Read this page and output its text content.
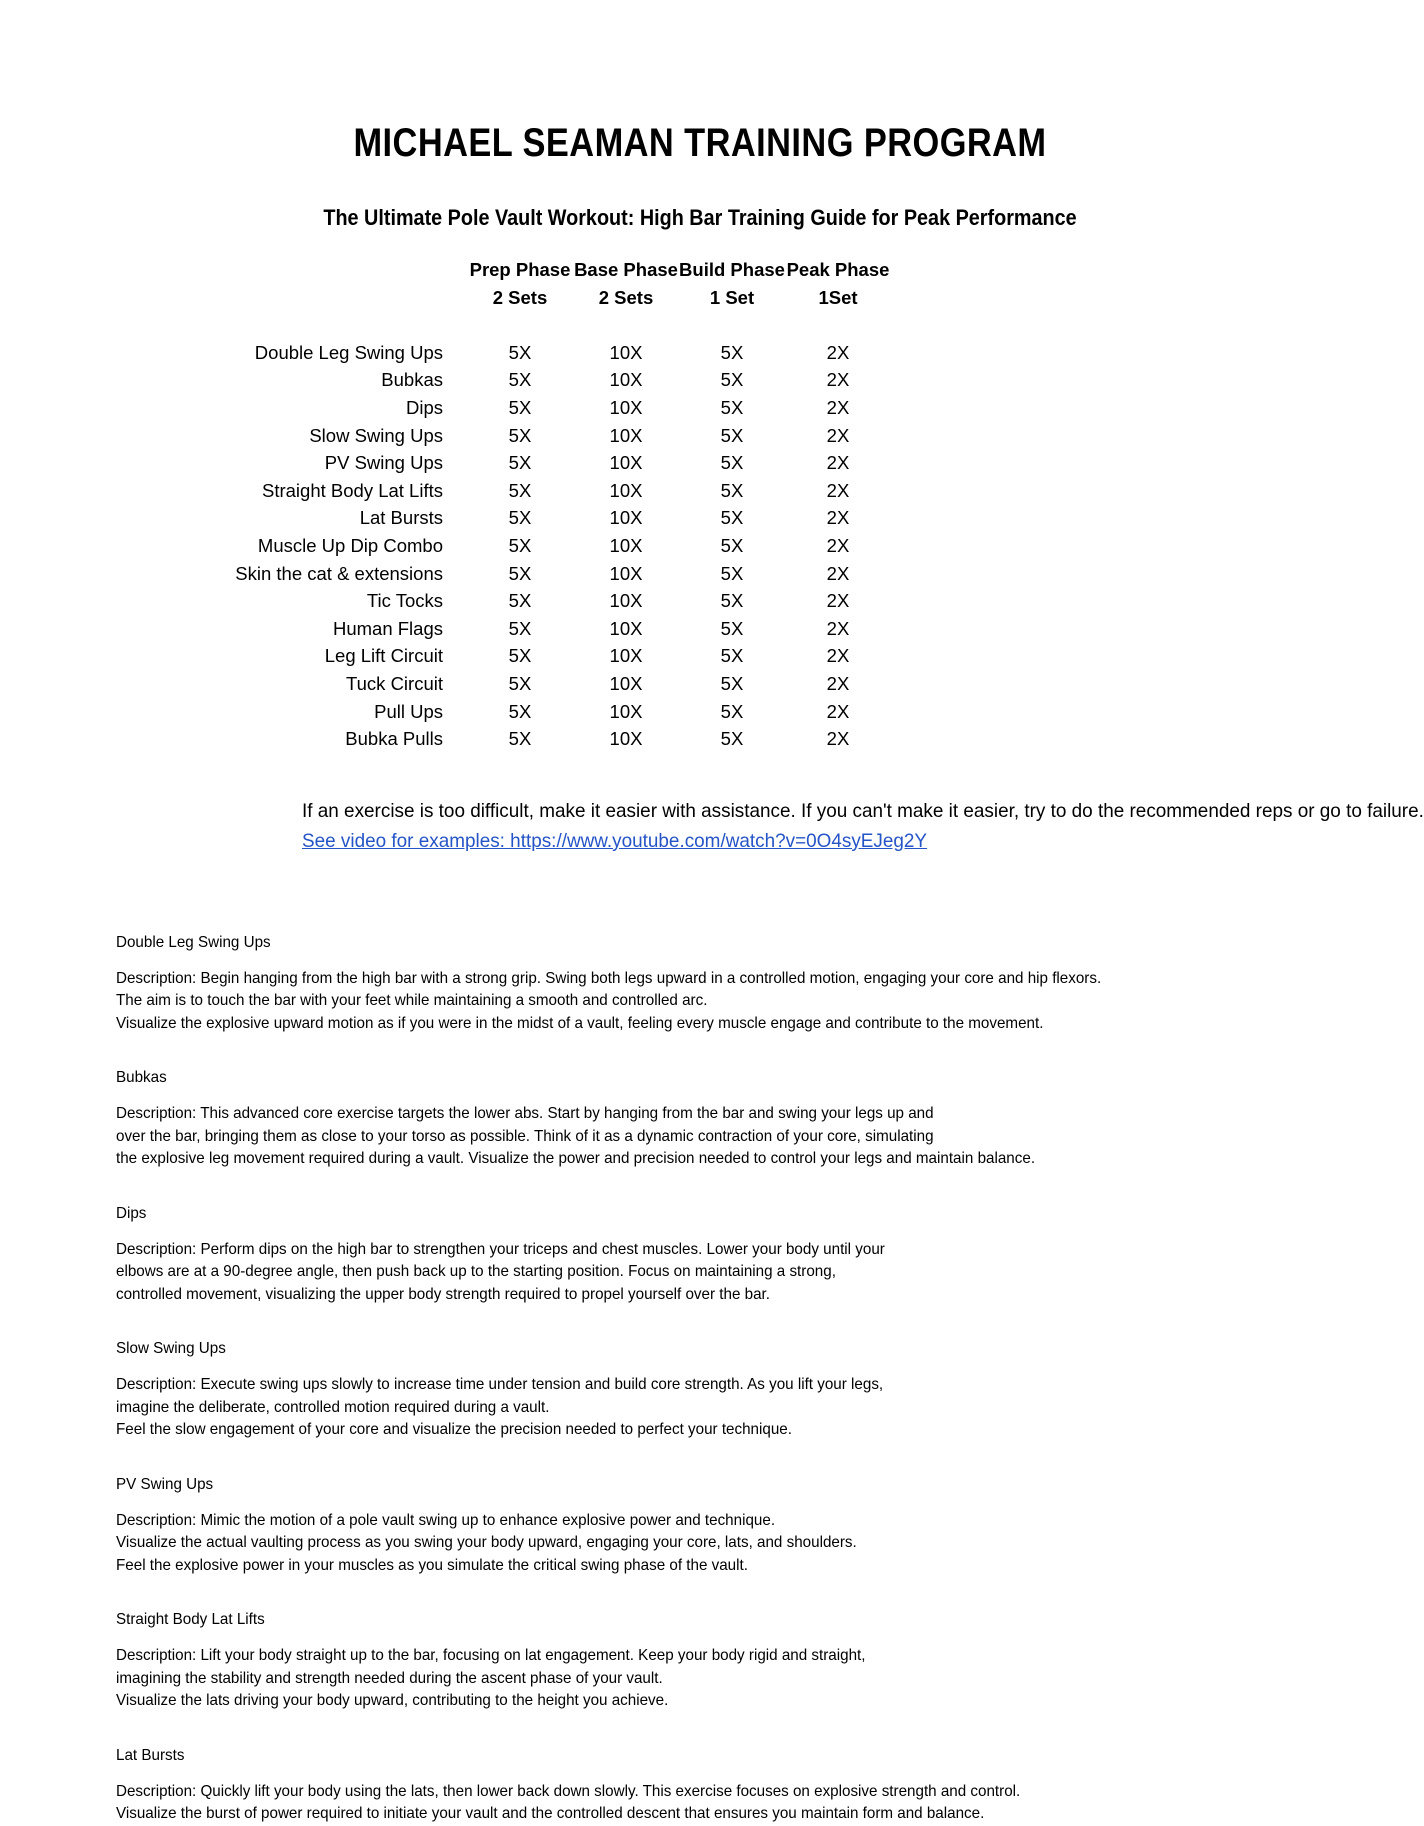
MICHAEL SEAMAN TRAINING PROGRAM
The Ultimate Pole Vault Workout: High Bar Training Guide for Peak Performance
	Prep Phase	Base Phase	Build Phase	Peak Phase
	2 Sets	2 Sets	1 Set	1Set

Double Leg Swing Ups	5X	10X	5X	2X
Bubkas	5X	10X	5X	2X
Dips	5X	10X	5X	2X
Slow Swing Ups	5X	10X	5X	2X
PV Swing Ups	5X	10X	5X	2X
Straight Body Lat Lifts	5X	10X	5X	2X
Lat Bursts	5X	10X	5X	2X
Muscle Up Dip Combo	5X	10X	5X	2X
Skin the cat & extensions	5X	10X	5X	2X
Tic Tocks	5X	10X	5X	2X
Human Flags	5X	10X	5X	2X
Leg Lift Circuit	5X	10X	5X	2X
Tuck Circuit	5X	10X	5X	2X
Pull Ups	5X	10X	5X	2X
Bubka Pulls	5X	10X	5X	2X
If an exercise is too difficult, make it easier with assistance. If you can't make it easier, try to do the recommended reps or go to failure.
See video for examples: https://www.youtube.com/watch?v=0O4syEJeg2Y
Double Leg Swing Ups
Description: Begin hanging from the high bar with a strong grip. Swing both legs upward in a controlled motion, engaging your core and hip flexors.
The aim is to touch the bar with your feet while maintaining a smooth and controlled arc.
Visualize the explosive upward motion as if you were in the midst of a vault, feeling every muscle engage and contribute to the movement.
Bubkas
Description: This advanced core exercise targets the lower abs. Start by hanging from the bar and swing your legs up and
over the bar, bringing them as close to your torso as possible. Think of it as a dynamic contraction of your core, simulating
the explosive leg movement required during a vault. Visualize the power and precision needed to control your legs and maintain balance.
Dips
Description: Perform dips on the high bar to strengthen your triceps and chest muscles. Lower your body until your
elbows are at a 90-degree angle, then push back up to the starting position. Focus on maintaining a strong,
controlled movement, visualizing the upper body strength required to propel yourself over the bar.
Slow Swing Ups
Description: Execute swing ups slowly to increase time under tension and build core strength. As you lift your legs,
imagine the deliberate, controlled motion required during a vault.
Feel the slow engagement of your core and visualize the precision needed to perfect your technique.
PV Swing Ups
Description: Mimic the motion of a pole vault swing up to enhance explosive power and technique.
Visualize the actual vaulting process as you swing your body upward, engaging your core, lats, and shoulders.
Feel the explosive power in your muscles as you simulate the critical swing phase of the vault.
Straight Body Lat Lifts
Description: Lift your body straight up to the bar, focusing on lat engagement. Keep your body rigid and straight,
imagining the stability and strength needed during the ascent phase of your vault.
Visualize the lats driving your body upward, contributing to the height you achieve.
Lat Bursts
Description: Quickly lift your body using the lats, then lower back down slowly. This exercise focuses on explosive strength and control.
Visualize the burst of power required to initiate your vault and the controlled descent that ensures you maintain form and balance.
